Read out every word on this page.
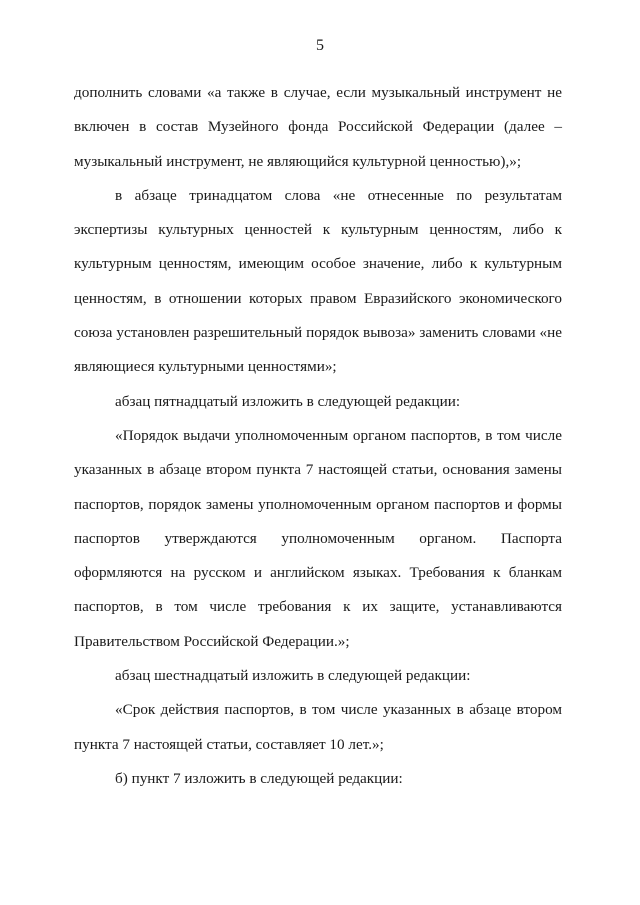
5

дополнить словами «а также в случае, если музыкальный инструмент не включен в состав Музейного фонда Российской Федерации (далее – музыкальный инструмент, не являющийся культурной ценностью),»;

в абзаце тринадцатом слова «не отнесенные по результатам экспертизы культурных ценностей к культурным ценностям, либо к культурным ценностям, имеющим особое значение, либо к культурным ценностям, в отношении которых правом Евразийского экономического союза установлен разрешительный порядок вывоза» заменить словами «не являющиеся культурными ценностями»;

абзац пятнадцатый изложить в следующей редакции:

«Порядок выдачи уполномоченным органом паспортов, в том числе указанных в абзаце втором пункта 7 настоящей статьи, основания замены паспортов, порядок замены уполномоченным органом паспортов и формы паспортов утверждаются уполномоченным органом. Паспорта оформляются на русском и английском языках. Требования к бланкам паспортов, в том числе требования к их защите, устанавливаются Правительством Российской Федерации.»;

абзац шестнадцатый изложить в следующей редакции:

«Срок действия паспортов, в том числе указанных в абзаце втором пункта 7 настоящей статьи, составляет 10 лет.»;

б) пункт 7 изложить в следующей редакции:
